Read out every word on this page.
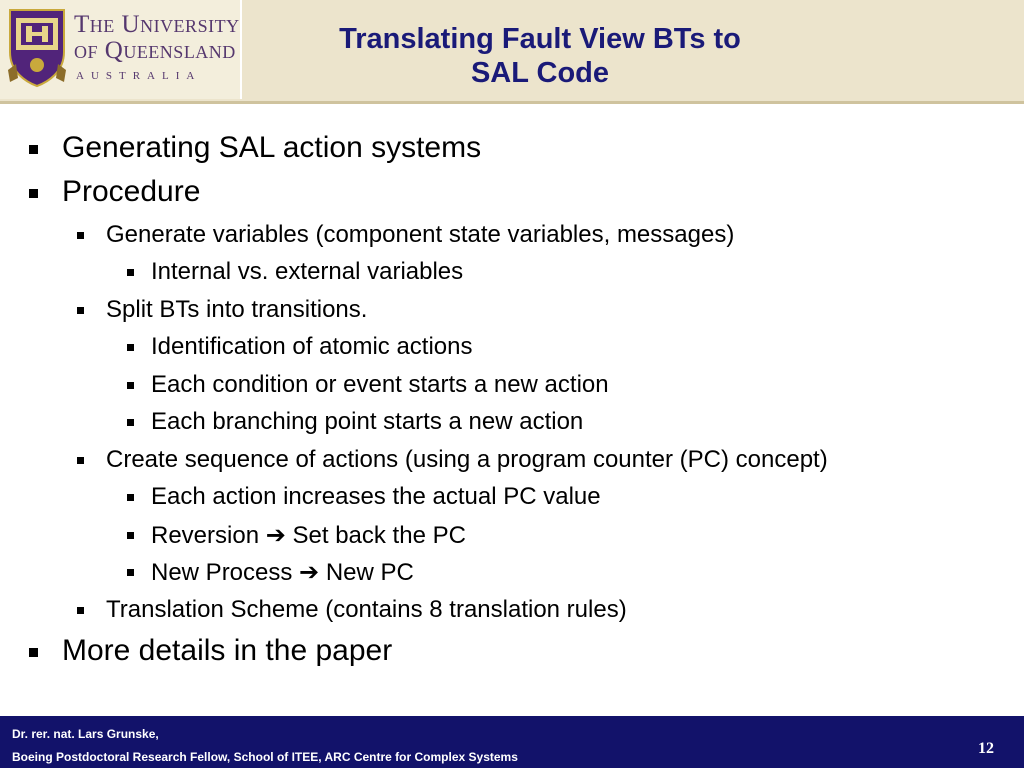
The University
of Queensland
AUSTRALIA
Translating Fault View BTs to
SAL Code
Generating SAL action systems
Procedure
Generate variables (component state variables, messages)
Internal vs. external variables
Split BTs into transitions.
Identification of atomic actions
Each condition or event starts a new action
Each branching point starts a new action
Create sequence of actions (using a program counter (PC) concept)
Each action increases the actual PC value
Reversion ➔ Set back the PC
New Process ➔ New PC
Translation Scheme (contains 8 translation rules)
More details in the paper
Dr. rer. nat. Lars Grunske,
Boeing Postdoctoral Research Fellow, School of ITEE, ARC Centre for Complex Systems	12
